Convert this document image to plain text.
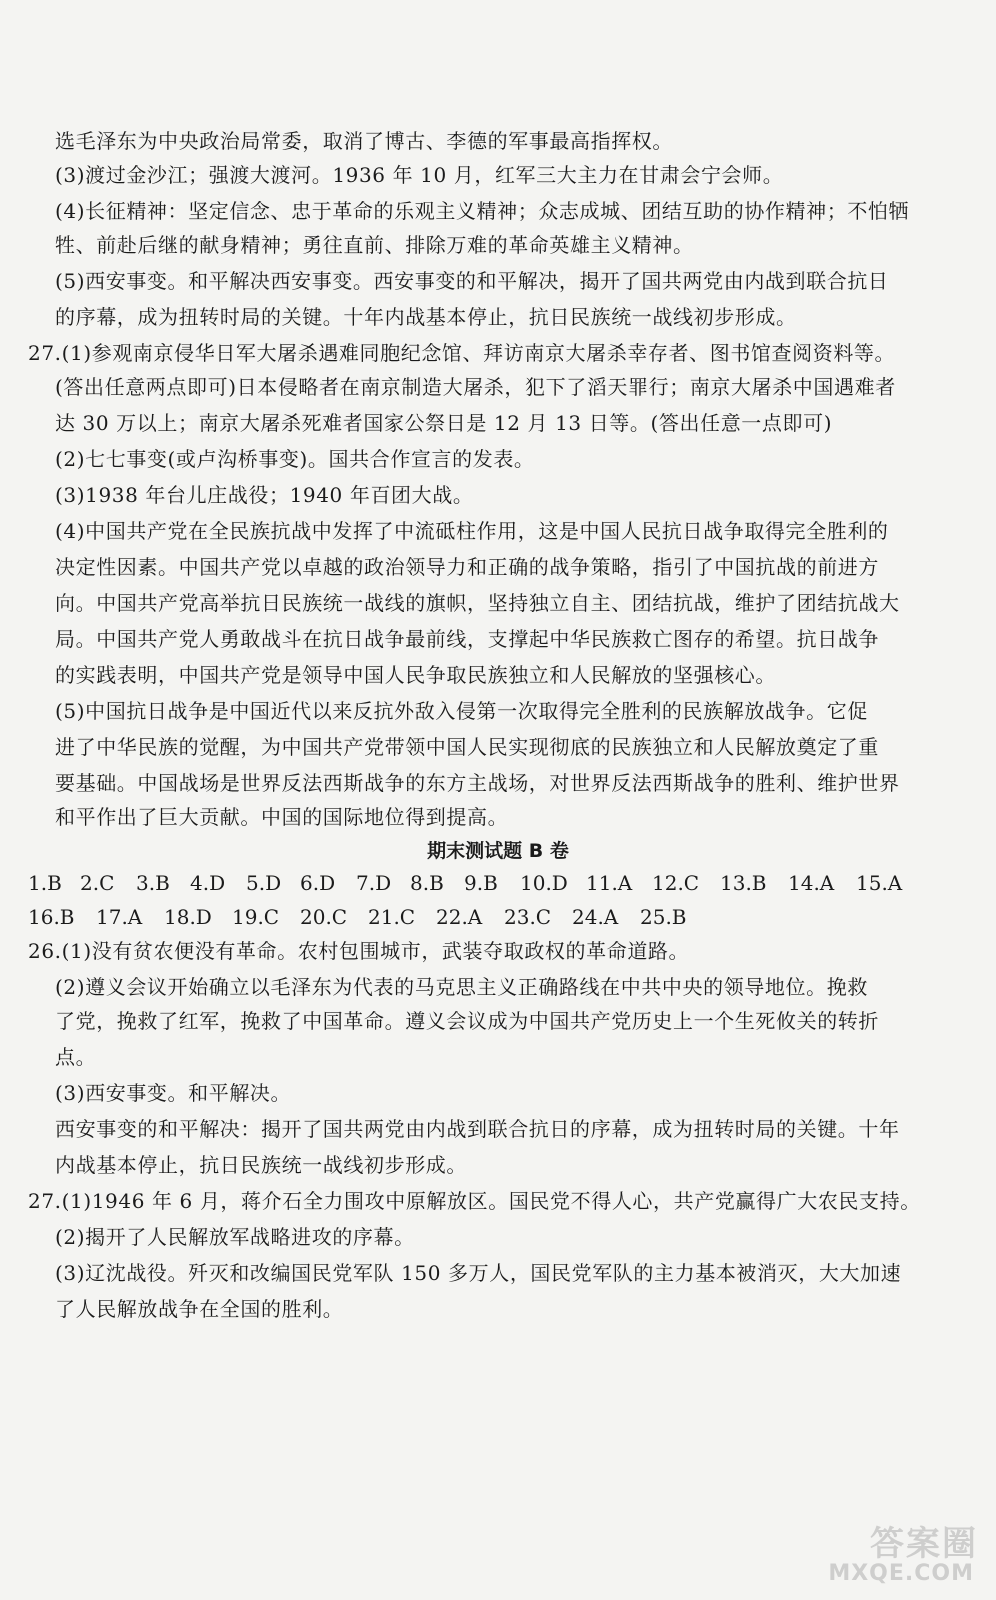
选毛泽东为中央政治局常委，取消了博古、李德的军事最高指挥权。
(3)渡过金沙江；强渡大渡河。1936 年 10 月，红军三大主力在甘肃会宁会师。
(4)长征精神：坚定信念、忠于革命的乐观主义精神；众志成城、团结互助的协作精神；不怕牺
牲、前赴后继的献身精神；勇往直前、排除万难的革命英雄主义精神。
(5)西安事变。和平解决西安事变。西安事变的和平解决，揭开了国共两党由内战到联合抗日
的序幕，成为扭转时局的关键。十年内战基本停止，抗日民族统一战线初步形成。
27.(1)参观南京侵华日军大屠杀遇难同胞纪念馆、拜访南京大屠杀幸存者、图书馆查阅资料等。
(答出任意两点即可)日本侵略者在南京制造大屠杀，犯下了滔天罪行；南京大屠杀中国遇难者
达 30 万以上；南京大屠杀死难者国家公祭日是 12 月 13 日等。(答出任意一点即可)
(2)七七事变(或卢沟桥事变)。国共合作宣言的发表。
(3)1938 年台儿庄战役；1940 年百团大战。
(4)中国共产党在全民族抗战中发挥了中流砥柱作用，这是中国人民抗日战争取得完全胜利的
决定性因素。中国共产党以卓越的政治领导力和正确的战争策略，指引了中国抗战的前进方
向。中国共产党高举抗日民族统一战线的旗帜，坚持独立自主、团结抗战，维护了团结抗战大
局。中国共产党人勇敢战斗在抗日战争最前线，支撑起中华民族救亡图存的希望。抗日战争
的实践表明，中国共产党是领导中国人民争取民族独立和人民解放的坚强核心。
(5)中国抗日战争是中国近代以来反抗外敌入侵第一次取得完全胜利的民族解放战争。它促
进了中华民族的觉醒，为中国共产党带领中国人民实现彻底的民族独立和人民解放奠定了重
要基础。中国战场是世界反法西斯战争的东方主战场，对世界反法西斯战争的胜利、维护世界
和平作出了巨大贡献。中国的国际地位得到提高。
期末测试题 B 卷
1.B 2.C	3.B	4.D	5.D 6.D	7.D 8.B	9.B	10.D 11.A 12.C	13.B	14.A	15.A
16.B	17.A	18.D	19.C	20.C	21.C	22.A	23.C	24.A	25.B
26.(1)没有贫农便没有革命。农村包围城市，武装夺取政权的革命道路。
(2)遵义会议开始确立以毛泽东为代表的马克思主义正确路线在中共中央的领导地位。挽救
了党，挽救了红军，挽救了中国革命。遵义会议成为中国共产党历史上一个生死攸关的转折
点。
(3)西安事变。和平解决。
西安事变的和平解决：揭开了国共两党由内战到联合抗日的序幕，成为扭转时局的关键。十年
内战基本停止，抗日民族统一战线初步形成。
27.(1)1946 年 6 月，蒋介石全力围攻中原解放区。国民党不得人心，共产党赢得广大农民支持。
(2)揭开了人民解放军战略进攻的序幕。
(3)辽沈战役。歼灭和改编国民党军队 150 多万人，国民党军队的主力基本被消灭，大大加速
了人民解放战争在全国的胜利。
答案圈
MXQE.COM
